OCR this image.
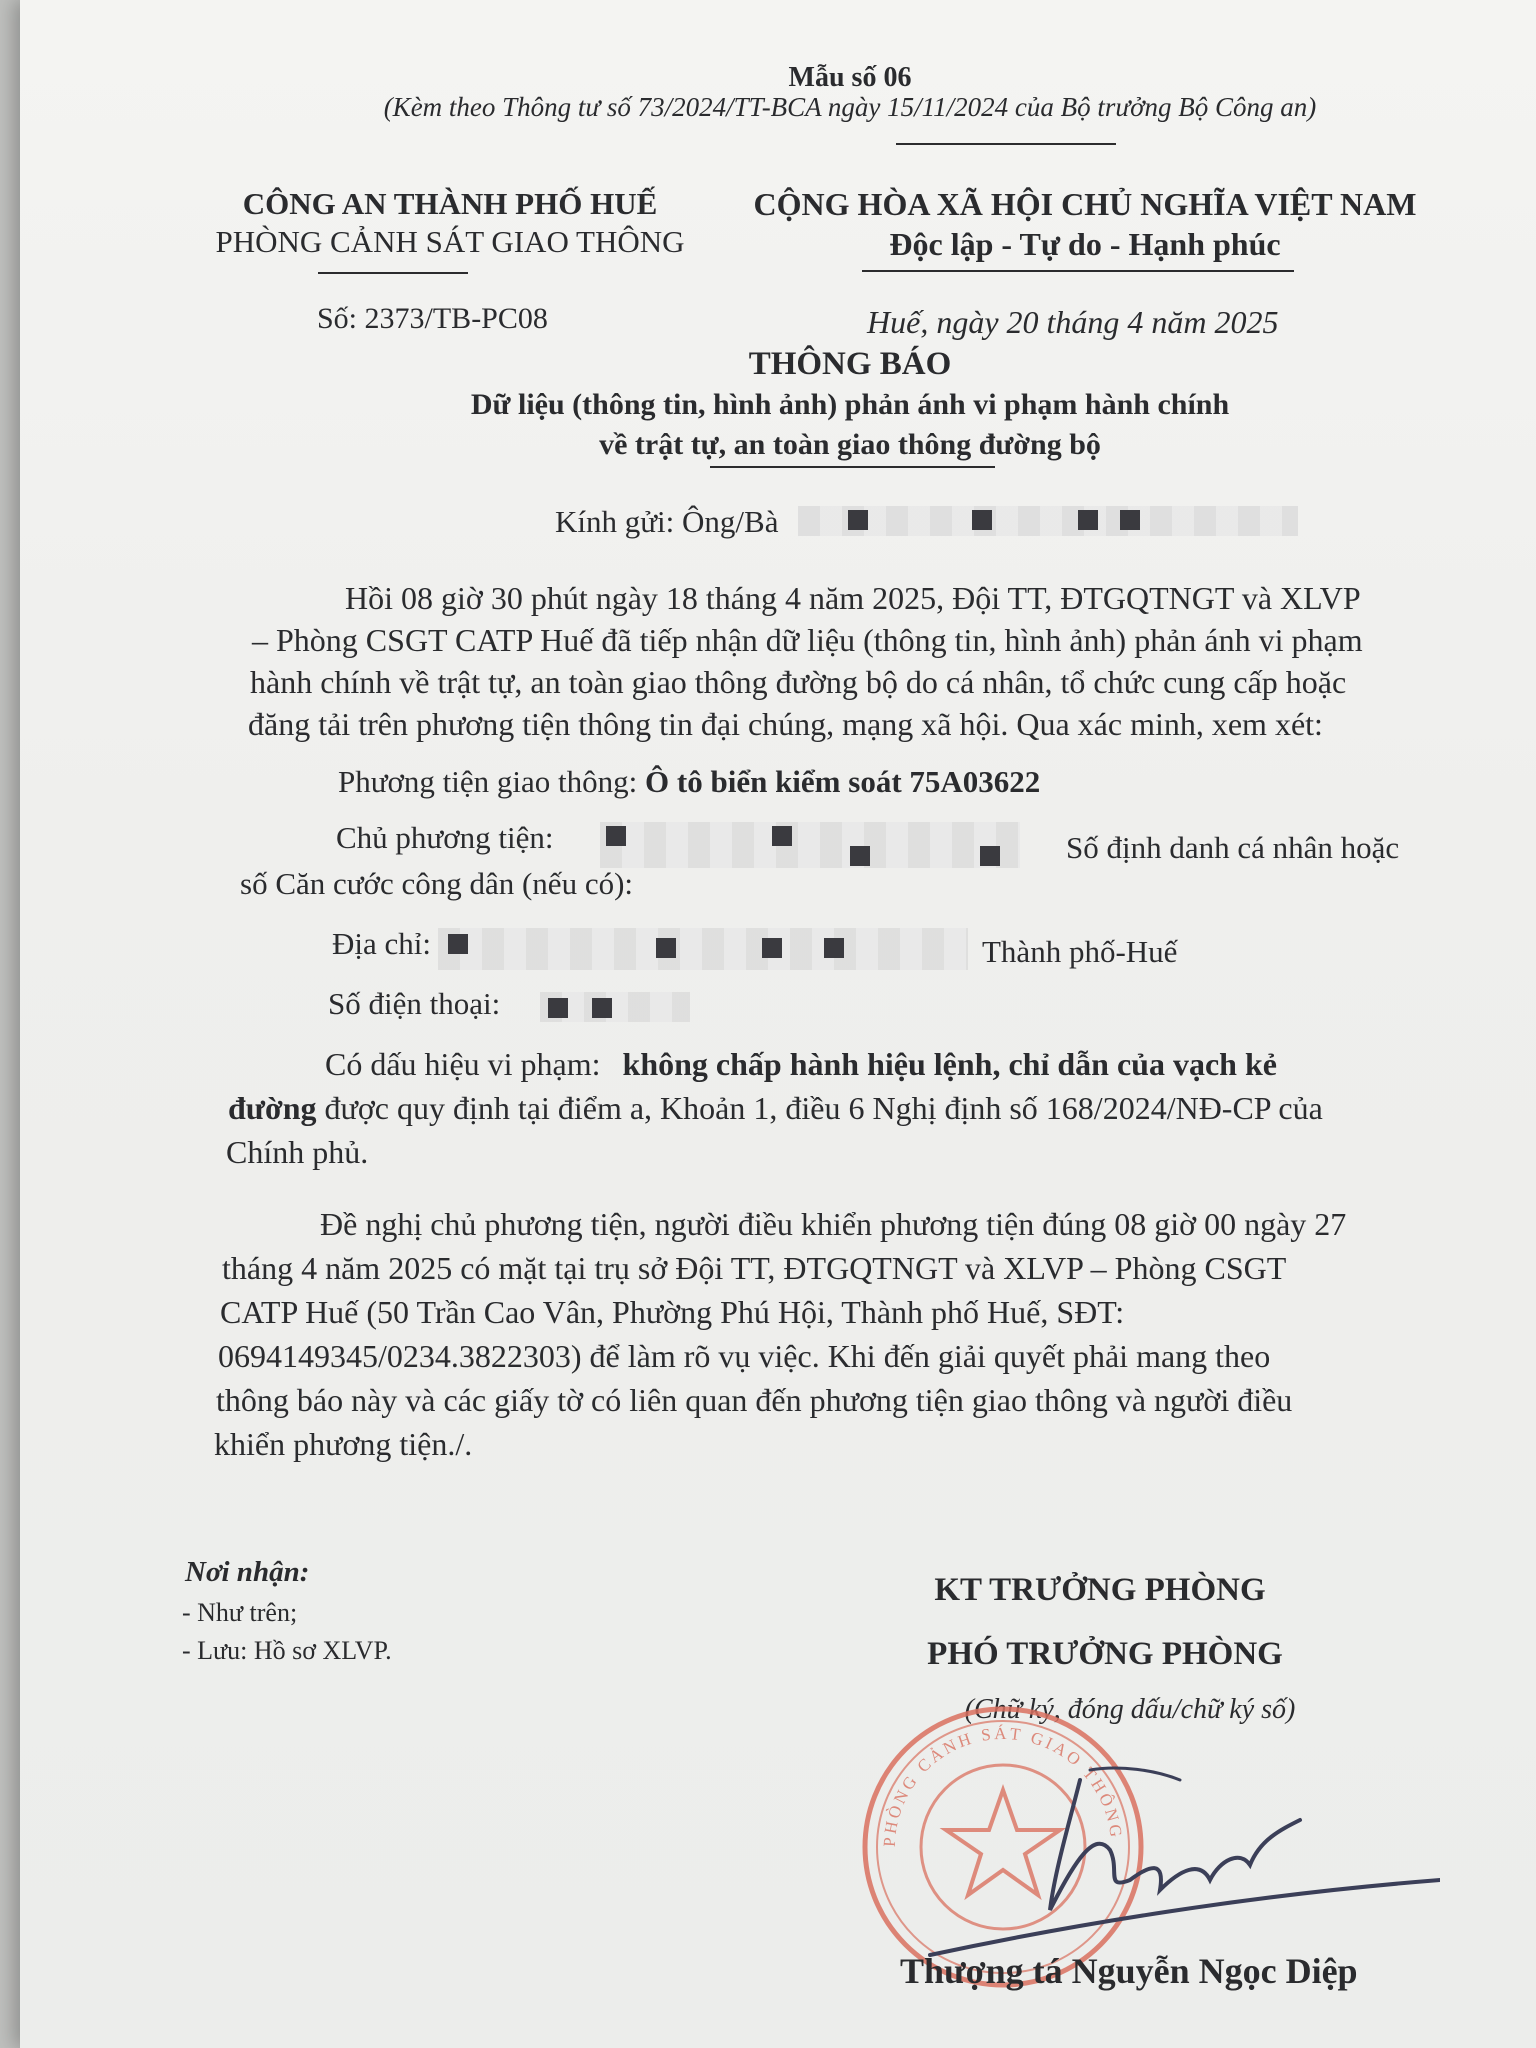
Mẫu số 06
(Kèm theo Thông tư số 73/2024/TT-BCA ngày 15/11/2024 của Bộ trưởng Bộ Công an)
CÔNG AN THÀNH PHỐ HUẾ
PHÒNG CẢNH SÁT GIAO THÔNG
CỘNG HÒA XÃ HỘI CHỦ NGHĨA VIỆT NAM
Độc lập - Tự do - Hạnh phúc
Số: 2373/TB-PC08	Huế, ngày 20 tháng 4 năm 2025
THÔNG BÁO
Dữ liệu (thông tin, hình ảnh) phản ánh vi phạm hành chính
về trật tự, an toàn giao thông đường bộ
Kính gửi: Ông/Bà
Hồi 08 giờ 30 phút ngày 18 tháng 4 năm 2025, Đội TT, ĐTGQTNGT và XLVP
– Phòng CSGT CATP Huế đã tiếp nhận dữ liệu (thông tin, hình ảnh) phản ánh vi phạm
hành chính về trật tự, an toàn giao thông đường bộ do cá nhân, tổ chức cung cấp hoặc
đăng tải trên phương tiện thông tin đại chúng, mạng xã hội. Qua xác minh, xem xét:
Phương tiện giao thông: Ô tô biển kiểm soát 75A03622
Chủ phương tiện:	Số định danh cá nhân hoặc
số Căn cước công dân (nếu có):
Địa chỉ:	Thành phố-Huế
Số điện thoại:
Có dấu hiệu vi phạm: không chấp hành hiệu lệnh, chỉ dẫn của vạch kẻ
đường được quy định tại điểm a, Khoản 1, điều 6 Nghị định số 168/2024/NĐ-CP của
Chính phủ.
Đề nghị chủ phương tiện, người điều khiển phương tiện đúng 08 giờ 00 ngày 27
tháng 4 năm 2025 có mặt tại trụ sở Đội TT, ĐTGQTNGT và XLVP – Phòng CSGT
CATP Huế (50 Trần Cao Vân, Phường Phú Hội, Thành phố Huế, SĐT:
0694149345/0234.3822303) để làm rõ vụ việc. Khi đến giải quyết phải mang theo
thông báo này và các giấy tờ có liên quan đến phương tiện giao thông và người điều
khiển phương tiện./.
Nơi nhận:
- Như trên;
- Lưu: Hồ sơ XLVP.
KT TRƯỞNG PHÒNG
PHÓ TRƯỞNG PHÒNG
(Chữ ký, đóng dấu/chữ ký số)
PHÒNG CẢNH SÁT GIAO THÔNG
Thượng tá Nguyễn Ngọc Diệp
